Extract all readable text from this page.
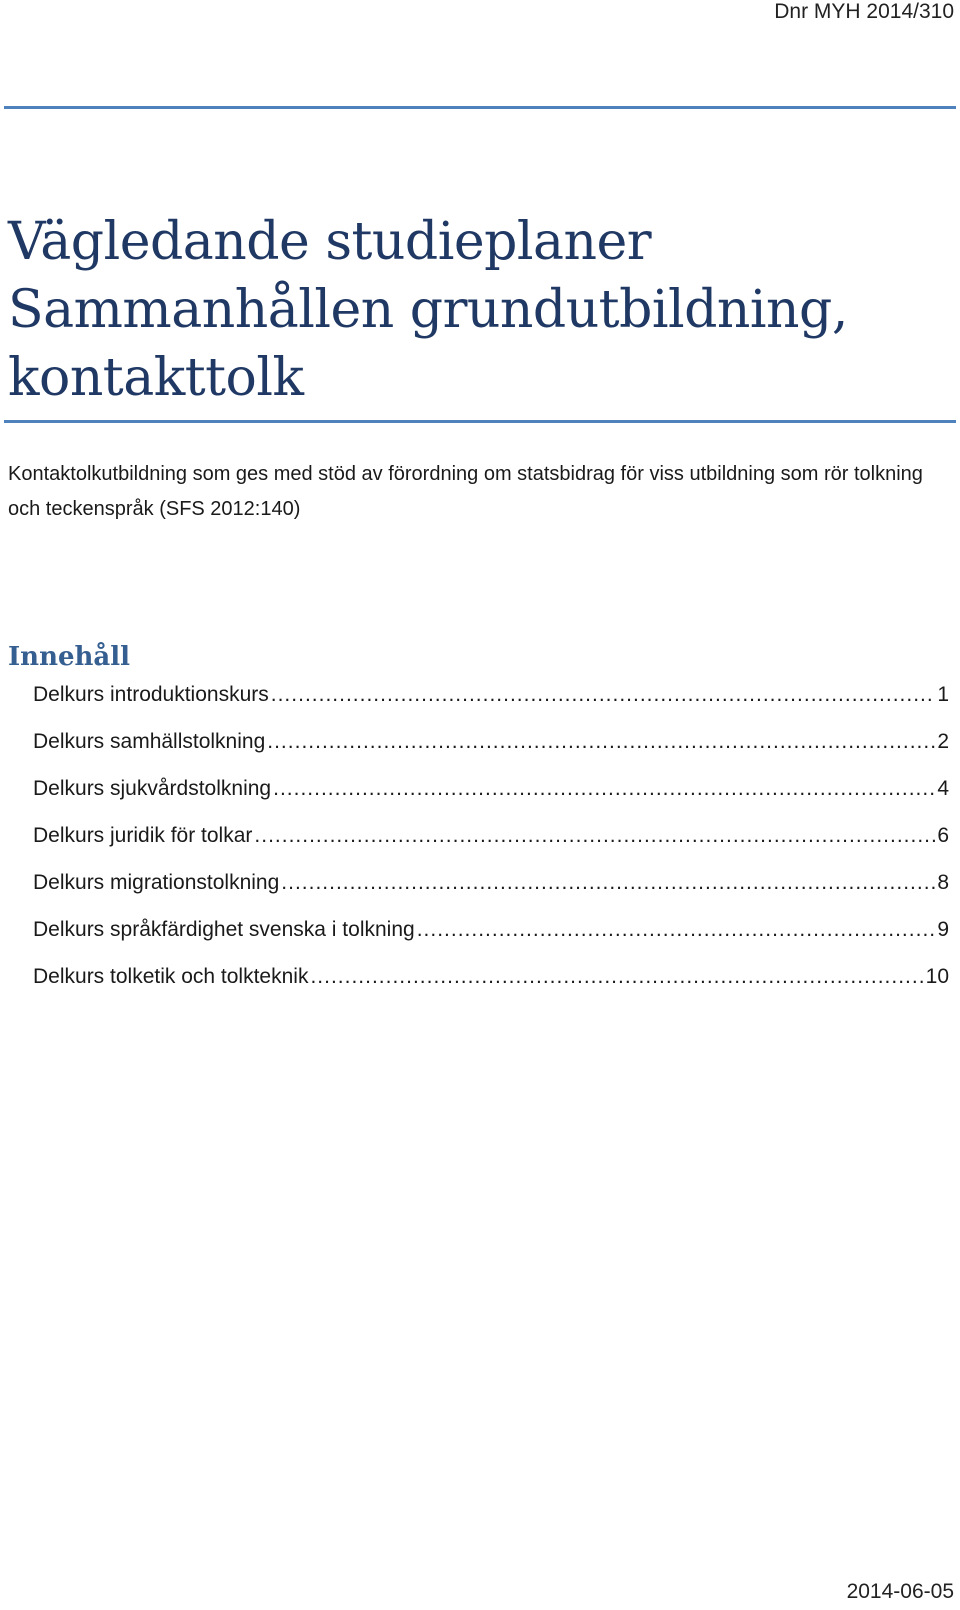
Dnr MYH 2014/310
Vägledande studieplaner
Sammanhållen grundutbildning,
kontakttolk

Kontaktolkutbildning som ges med stöd av förordning om statsbidrag för viss utbildning som rör tolkning och teckenspråk (SFS 2012:140)

Innehåll
Delkurs introduktionskurs .....	1
Delkurs samhällstolkning .....	2
Delkurs sjukvårdstolkning .....	4
Delkurs juridik för tolkar .....	6
Delkurs migrationstolkning .....	8
Delkurs språkfärdighet svenska i tolkning .....	9
Delkurs tolketik och tolkteknik .....	10
2014-06-05
